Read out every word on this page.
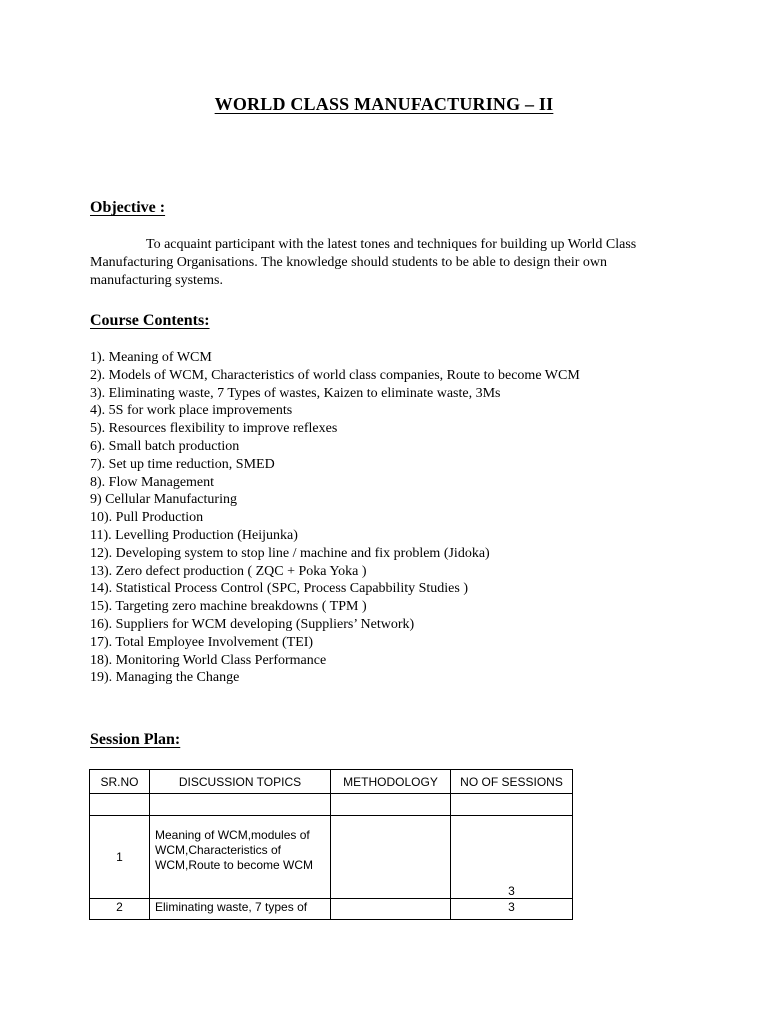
WORLD CLASS MANUFACTURING – II
Objective :
To acquaint participant with the latest tones and techniques for building up World Class Manufacturing Organisations. The knowledge should students to be able to design their own manufacturing systems.
Course Contents:
1). Meaning of WCM
2). Models of WCM, Characteristics of world class companies, Route to become WCM
3). Eliminating waste, 7 Types of wastes, Kaizen to eliminate waste, 3Ms
4). 5S for work place improvements
5). Resources flexibility to improve reflexes
6). Small batch production
7). Set up time reduction, SMED
8). Flow Management
9) Cellular Manufacturing
10). Pull Production
11). Levelling Production (Heijunka)
12). Developing system to stop line / machine and fix problem (Jidoka)
13). Zero defect production ( ZQC + Poka Yoka )
14). Statistical Process Control (SPC, Process Capabbility Studies )
15). Targeting zero machine breakdowns ( TPM )
16). Suppliers for WCM developing (Suppliers’ Network)
17). Total Employee Involvement (TEI)
18). Monitoring World Class Performance
19). Managing the Change
Session Plan:
SR.NO	DISCUSSION TOPICS	METHODOLOGY	NO OF SESSIONS

1	Meaning of WCM,modules of WCM,Characteristics of WCM,Route to become WCM		3
2	Eliminating waste, 7 types of		3
